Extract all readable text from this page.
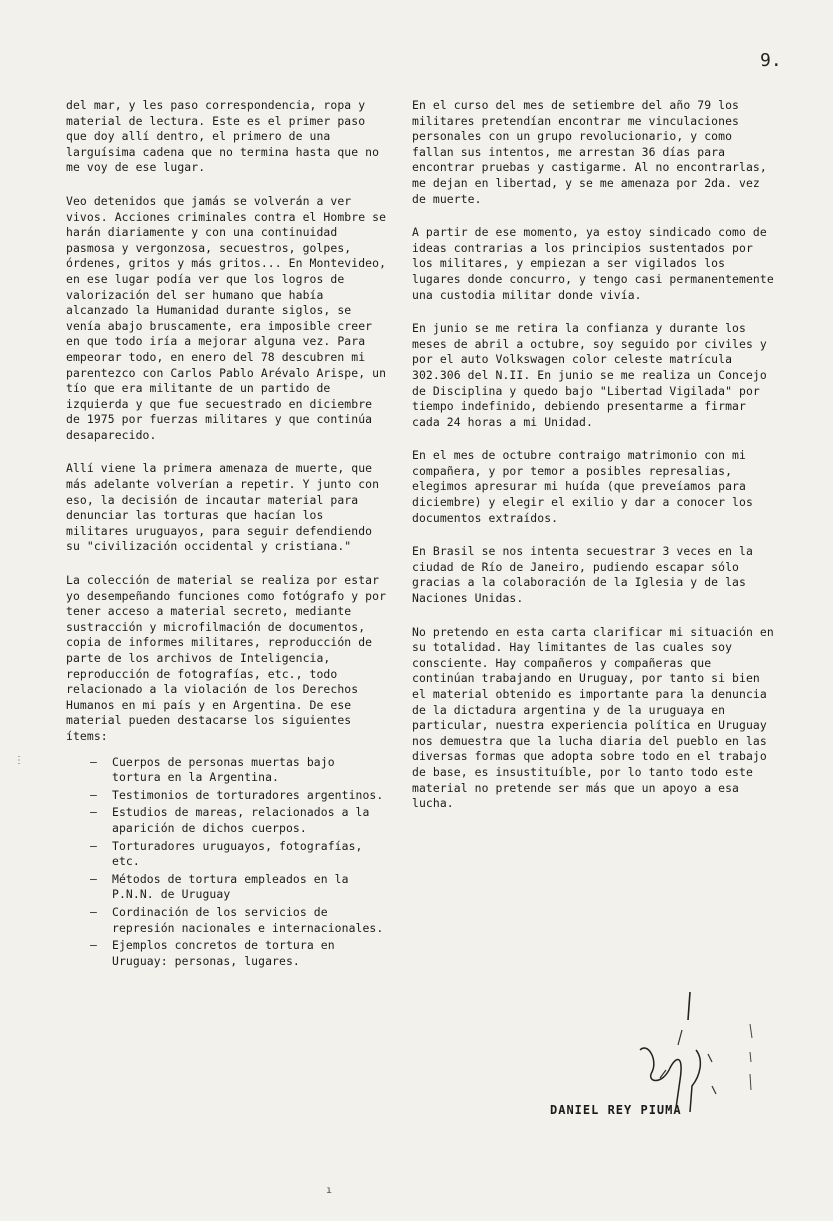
9.
⋮

del mar, y les paso correspondencia, ropa y material de lectura. Este es el primer paso que doy allí dentro, el primero de una larguísima cadena que no termina hasta que no me voy de ese lugar.

Veo detenidos que jamás se volverán a ver vivos. Acciones criminales contra el Hombre se harán diariamente y con una continuidad pasmosa y vergonzosa, secuestros, golpes, órdenes, gritos y más gritos... En Montevideo, en ese lugar podía ver que los logros de valorización del ser humano que había alcanzado la Humanidad durante siglos, se venía abajo bruscamente, era imposible creer en que todo iría a mejorar alguna vez. Para empeorar todo, en enero del 78 descubren mi parentezco con Carlos Pablo Arévalo Arispe, un tío que era militante de un partido de izquierda y que fue secuestrado en diciembre de 1975 por fuerzas militares y que continúa desaparecido.

Allí viene la primera amenaza de muerte, que más adelante volverían a repetir. Y junto con eso, la decisión de incautar material para denunciar las torturas que hacían los militares uruguayos, para seguir defendiendo su "civilización occidental y cristiana."

La colección de material se realiza por estar yo desempeñando funciones como fotógrafo y por tener acceso a material secreto, mediante sustracción y microfilmación de documentos, copia de informes militares, reproducción de parte de los archivos de Inteligencia, reproducción de fotografías, etc., todo relacionado a la violación de los Derechos Humanos en mi país y en Argentina. De ese material pueden destacarse los siguientes ítems:

– Cuerpos de personas muertas bajo tortura en la Argentina.
– Testimonios de torturadores argentinos.
– Estudios de mareas, relacionados a la aparición de dichos cuerpos.
– Torturadores uruguayos, fotografías, etc.
– Métodos de tortura empleados en la P.N.N. de Uruguay
– Cordinación de los servicios de represión nacionales e internacionales.
– Ejemplos concretos de tortura en Uruguay: personas, lugares.

En el curso del mes de setiembre del año 79 los militares pretendían encontrar me vinculaciones personales con un grupo revolucionario, y como fallan sus intentos, me arrestan 36 días para encontrar pruebas y castigarme. Al no encontrarlas, me dejan en libertad, y se me amenaza por 2da. vez de muerte.

A partir de ese momento, ya estoy sindicado como de ideas contrarias a los principios sustentados por los militares, y empiezan a ser vigilados los lugares donde concurro, y tengo casi permanentemente una custodia militar donde vivía.

En junio se me retira la confianza y durante los meses de abril a octubre, soy seguido por civiles y por el auto Volkswagen color celeste matrícula 302.306 del N.II. En junio se me realiza un Concejo de Disciplina y quedo bajo "Libertad Vigilada" por tiempo indefinido, debiendo presentarme a firmar cada 24 horas a mi Unidad.

En el mes de octubre contraigo matrimonio con mi compañera, y por temor a posibles represalias, elegimos apresurar mi huída (que preveíamos para diciembre) y elegir el exilio y dar a conocer los documentos extraídos.

En Brasil se nos intenta secuestrar 3 veces en la ciudad de Río de Janeiro, pudiendo escapar sólo gracias a la colaboración de la Iglesia y de las Naciones Unidas.

No pretendo en esta carta clarificar mi situación en su totalidad. Hay limitantes de las cuales soy consciente. Hay compañeros y compañeras que continúan trabajando en Uruguay, por tanto si bien el material obtenido es importante para la denuncia de la dictadura argentina y de la uruguaya en particular, nuestra experiencia política en Uruguay nos demuestra que la lucha diaria del pueblo en las diversas formas que adopta sobre todo en el trabajo de base, es insustituíble, por lo tanto todo este material no pretende ser más que un apoyo a esa lucha.

DANIEL REY PIUMA
ı
